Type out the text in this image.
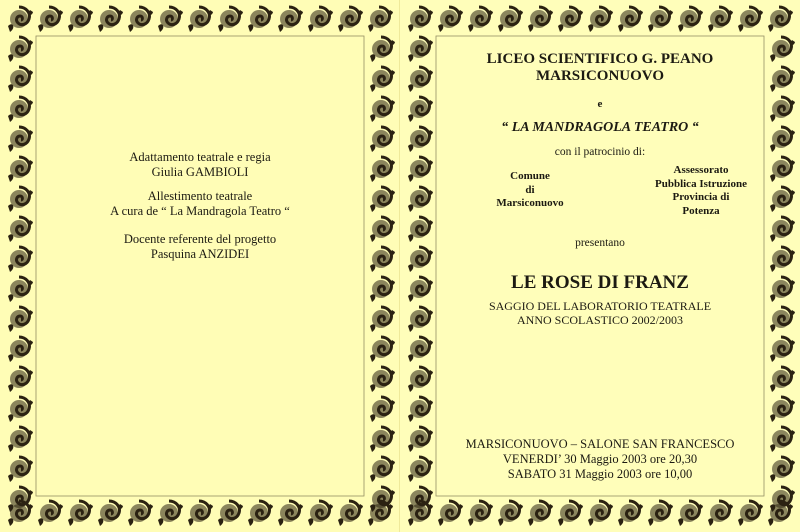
Adattamento teatrale e regia
Giulia GAMBIOLI
Allestimento teatrale
A cura de “ La Mandragola Teatro “
Docente referente del progetto
Pasquina ANZIDEI
LICEO SCIENTIFICO G. PEANO
MARSICONUOVO
e
“ LA MANDRAGOLA TEATRO “
con il patrocinio di:
Comune
di
Marsiconuovo
Assessorato
Pubblica Istruzione
Provincia di
Potenza
presentano
LE ROSE DI FRANZ
SAGGIO DEL LABORATORIO TEATRALE
ANNO SCOLASTICO 2002/2003
MARSICONUOVO – SALONE SAN FRANCESCO
VENERDI’ 30 Maggio 2003 ore 20,30
SABATO 31 Maggio 2003 ore 10,00
